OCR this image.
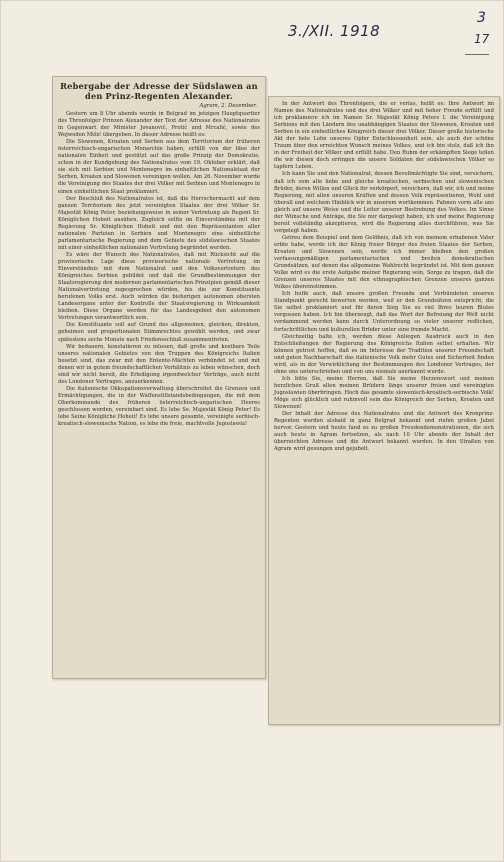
3./XII. 1918
3
17
Rebergabe der Adresse der Südslawen an den Prinz-Regenten Alexander.
Agram, 2. Dezember.

Gestern um 8 Uhr abends wurde in Belgrad im jetzigen Hauptquartier des Thronfolger Prinzen Alexander der Text der Adresse des Nationalrates in Gegenwart der Minister Jovanović, Protić und Mrcalić, sowie des Wojwoden Mišić übergeben. In dieser Adresse heißt es:

Die Slowenen, Kroaten und Serben aus dem Territorium der früheren österreichisch-ungarischen Monarchie haben, erfüllt von der Idee der nationalen Einheit und gestützt auf das große Prinzip der Demokratie, schon in der Kundgebung des Nationalrates vom 19. Oktober erklärt, daß sie sich mit Serbien und Montenegro im einheitlichen Nationalstaat der Serben, Kroaten und Slowenen vereinigen wollen. Am 26. November wurde die Vereinigung des Staates der drei Völker mit Serbien und Montenegro in einen einheitlichen Staat proklamiert.

Der Beschluß des Nationalrates ist, daß die Herrschermacht auf dem ganzen Territorium des jetzt vereinigten Staates der drei Völker Sr. Majestät König Peter, beziehungsweise in seiner Vertretung als Regent Sr. Königlichen Hoheit ausüben. Zugleich sollte im Einverständnis mit der Regierung Sr. Königlichen Hoheit und mit den Repräsentanten aller nationalen Parteien in Serbien und Montenegro eine einheitliche parlamentarische Regierung und dem Gebiete des südslawischen Staates mit einer einheitlichen nationalen Vertretung begründet werden.

Es wäre der Wunsch des Nationalrates, daß mit Rücksicht auf die provisorische Lage diese provisorische nationale Vertretung im Einverständnis mit dem Nationalrat und den Volksvertretern des Königreiches Serbien gebildet und daß die Grundbestimmungen der Staatsregierung den modernen parlamentarischen Prinzipien gemäß dieser Nationalvertretung zugesprochen würden, bis die zur Konstituante berufenen Volks erst. Auch würden die bisherigen autonomen obersten Landesorgane unter der Kontrolle der Staatsregierung in Wirksamkeit bleiben. Diese Organe werden für das Landesgebiet den autonomen Vertretungen verantwortlich sein.

Die Konstituante soll auf Grund des allgemeinen, gleichen, direkten, geheimen und proportionalen Stimmrechtes gewählt werden, und zwar spätestens sechs Monate nach Friedensschluß zusammentreten.

Wir bedauern, konstatieren zu müssen, daß große und kostbare Teile unseres nationalen Gebietes von den Truppen des Königreichs Italien besetzt sind, das zwar mit den Entente-Mächten verbündet ist und mit denen wir in gutem freundschaftlichen Verhältnis zu leben wünschen, doch sind wir nicht bereit, die Erledigung irgendwelcher Verträge, auch nicht des Londoner Vertrages, anzuerkennen.

Die italienische Okkupationsverwaltung überschreitet die Grenzen und Ermächtigungen, die in der Waffenstillstandsbedingungen, die mit dem Oberkommando des früheren österreichisch-ungarischen Heeres geschlossen worden, vereinbart sind. Es lebe Se. Majestät König Peter! Es lebe Seine Königliche Hoheit! Es lebe unsere gesamte, vereinigte serbisch-kroatisch-slowenische Nation, es lebe die freie, machtvolle Jugoslawia!

In der Antwort des Thronfolgers, die er verlas, heißt es: Ihre Antwort im Namen des Nationalrates und des drei Völker und mit hoher Freude erfüllt und ich proklamiere ich im Namen Sr. Majestät König Peters I. die Vereinigung Serbiens mit den Ländern des unabhängigen Staates der Slowenen, Kroaten und Serben in ein einheitliches Königreich dieser drei Völker. Dieser große historische Akt der bete Lohn unseres Opfer Entschlossenheit sein, als auch der schöne Traum über den erreichten Wunsch meines Volkes, und ich bin stolz, daß ich ihn in der Freiheit der Völker und erfüllt habe. Den Ruhm der erkämpften Siege teilen die wir diesen doch erringen die unsere Soldaten der südslawischen Völker so tapfern Leben.

Ich kann Sie und den Nationalrat, dessen Bevollmächtigte Sie sind, versichern, daß ich vom alle liebe und gleiche kroatischen, serbischen und slowenischen Brüder, deren Willen und Glück ihr verkörpert, versichern, daß wir, ich und meine Regierung, mit allen unseren Kräften und dessen Volk repräsentieren, Wohl und überall und welchem Hinblick wir in unserem wortkommen. Fahnen vorm alle uns gleich auf unsere Weise und die Leiter unserer Bestrebung des Volkes. Im Sinne der Wünsche und Anträge, die Sie mir dargelegt haben, ich und meine Regierung bereit vollständig akzeptieren, wird die Regierung alles durchführen, was Sie vorgelegt haben.

Getreu dem Beispiel und dem Gelöbnis, daß ich von meinem erhabenen Vater erbte habe, werde ich der König freier Bürger des freien Staates der Serben, Kroaten und Slowenen sein, werde ich immer bleiben den großen verfassungsmäßigen parlamentarischen und breiten demokratischen Grundsätzen, auf denen das allgemeine Wahlrecht begründet ist. Mit dem ganzen Volke wird es die erste Aufgabe meiner Regierung sein, Sorge zu tragen, daß die Grenzen unseres Staates mit den ethnographischen Grenzen unseres ganzen Volkes übereinstimmen.

Ich hoffe auch, daß unsere großen Freunde und Verbündeten unseren Standpunkt gerecht bewerten werden, weil er den Grundsätzen entspricht, die Sie selbst proklamiert und für deren Sieg Sie so viel Ihres teuren Blutes vergossen haben. Ich bin überzeugt, daß das Wort der Befreiung der Welt nicht verdammend werden kann durch Unterordnung so vieler unserer redlichen, fortschrittlichen und kulturellen Brüder unter eine fremde Macht.

Gleichzeitig halte ich, werden diese Anliegen Ausdruck auch in den Entschließungen der Regierung des Königreichs Italien selbst erhalten. Wir können getrost hoffen, daß es im Interesse der Tradition unserer Freundschaft und guten Nachbarschaft das italienische Volk mehr Gutes und Sicherheit finden wird, als in der Verwirklichung der Bestimmungen des Londoner Vertrages, der ohne uns unterschrieben und von uns niemals anerkannt wurde.

Ich bitte Sie, meine Herren, daß Sie meine Herzenswort und meinen herzlichen Gruß allen meinen Brüdern längs unserer freien und vereinigten Jugoslawien überbringen. Hoch das gesamte slowenisch-kroatisch-serbische Volk! Möge sich glücklich und ruhmvoll sein das Königreich der Serben, Kroaten und Slowenen!

Der Inhalt der Adresse des Nationalrates und die Antwort des Kronprinz-Regenten wurden alsbald in ganz Belgrad bekannt und riefen großen Jubel hervor. Gestern und heute fand es zu großen Freudendemonstrationen, die sich auch heute in Agram fortsetzen, als nach 10 Uhr abends der Inhalt der überreichten Adresse und die Antwort bekannt wurden. In den Straßen von Agram wird gesungen und gejubelt.
